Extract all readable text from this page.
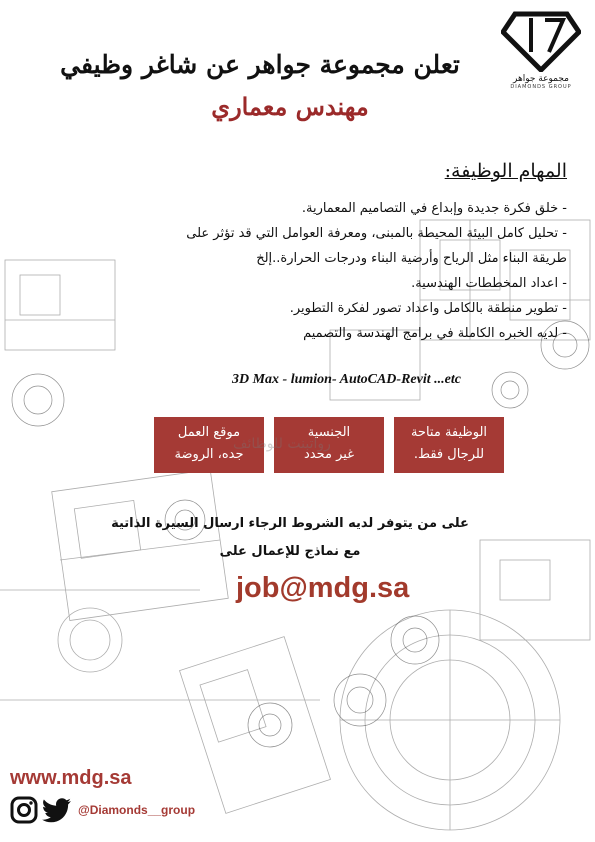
مجموعة جواهر
DIAMONDS GROUP
تعلن مجموعة جواهر عن شاغر وظيفي
مهندس معماري
المهام الوظيفة:
- خلق فكرة جديدة وإبداع في التصاميم المعمارية.
- تحليل كامل البيئة المحيطة بالمبنى، ومعرفة العوامل التي قد تؤثر على
طريقة البناء مثل الرياح وأرضية البناء ودرجات الحرارة..إلخ
- اعداد المخططات الهندسية.
- تطوير منطقة بالكامل واعداد تصور لفكرة التطوير.
- لديه الخبره الكاملة في برامج الهندسة والتصميم
3D Max - lumion- AutoCAD-Revit ...etc
الوظيفة متاحة
للرجال فقط.
الجنسية
غير محدد
موقع العمل
جده، الروضة
رواتبنت للوظائف
على من يتوفر لديه الشروط الرجاء ارسال السيرة الذاتية
مع نماذج للإعمال على
job@mdg.sa
www.mdg.sa
@Diamonds__group
